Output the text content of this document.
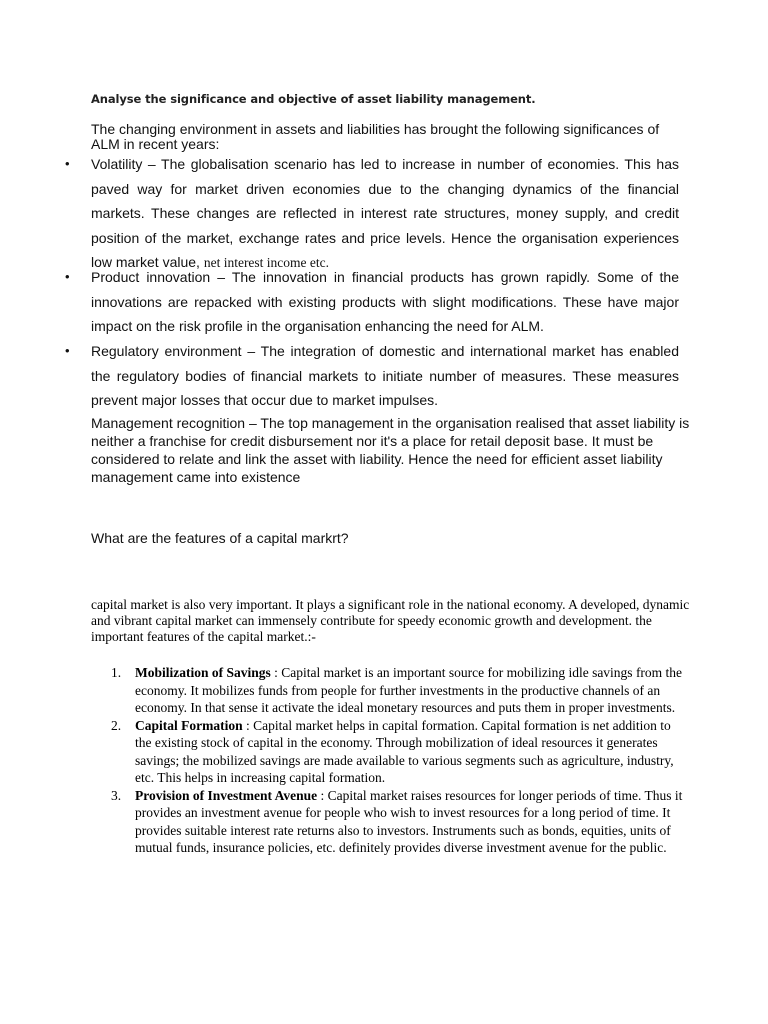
Analyse the significance and objective of asset liability management.
The changing environment in assets and liabilities has brought the following significances of ALM in recent years:
• Volatility – The globalisation scenario has led to increase in number of economies. This has paved way for market driven economies due to the changing dynamics of the financial markets. These changes are reflected in interest rate structures, money supply, and credit position of the market, exchange rates and price levels. Hence the organisation experiences low market value, net interest income etc.
• Product innovation – The innovation in financial products has grown rapidly. Some of the innovations are repacked with existing products with slight modifications. These have major impact on the risk profile in the organisation enhancing the need for ALM.
• Regulatory environment – The integration of domestic and international market has enabled the regulatory bodies of financial markets to initiate number of measures. These measures prevent major losses that occur due to market impulses.
Management recognition – The top management in the organisation realised that asset liability is neither a franchise for credit disbursement nor it's a place for retail deposit base. It must be considered to relate and link the asset with liability. Hence the need for efficient asset liability management came into existence
What are the features of a capital markrt?
capital market is also very important. It plays a significant role in the national economy. A developed, dynamic and vibrant capital market can immensely contribute for speedy economic growth and development. the important features of the capital market.:-
1. Mobilization of Savings : Capital market is an important source for mobilizing idle savings from the economy. It mobilizes funds from people for further investments in the productive channels of an economy. In that sense it activate the ideal monetary resources and puts them in proper investments.
2. Capital Formation : Capital market helps in capital formation. Capital formation is net addition to the existing stock of capital in the economy. Through mobilization of ideal resources it generates savings; the mobilized savings are made available to various segments such as agriculture, industry, etc. This helps in increasing capital formation.
3. Provision of Investment Avenue : Capital market raises resources for longer periods of time. Thus it provides an investment avenue for people who wish to invest resources for a long period of time. It provides suitable interest rate returns also to investors. Instruments such as bonds, equities, units of mutual funds, insurance policies, etc. definitely provides diverse investment avenue for the public.
